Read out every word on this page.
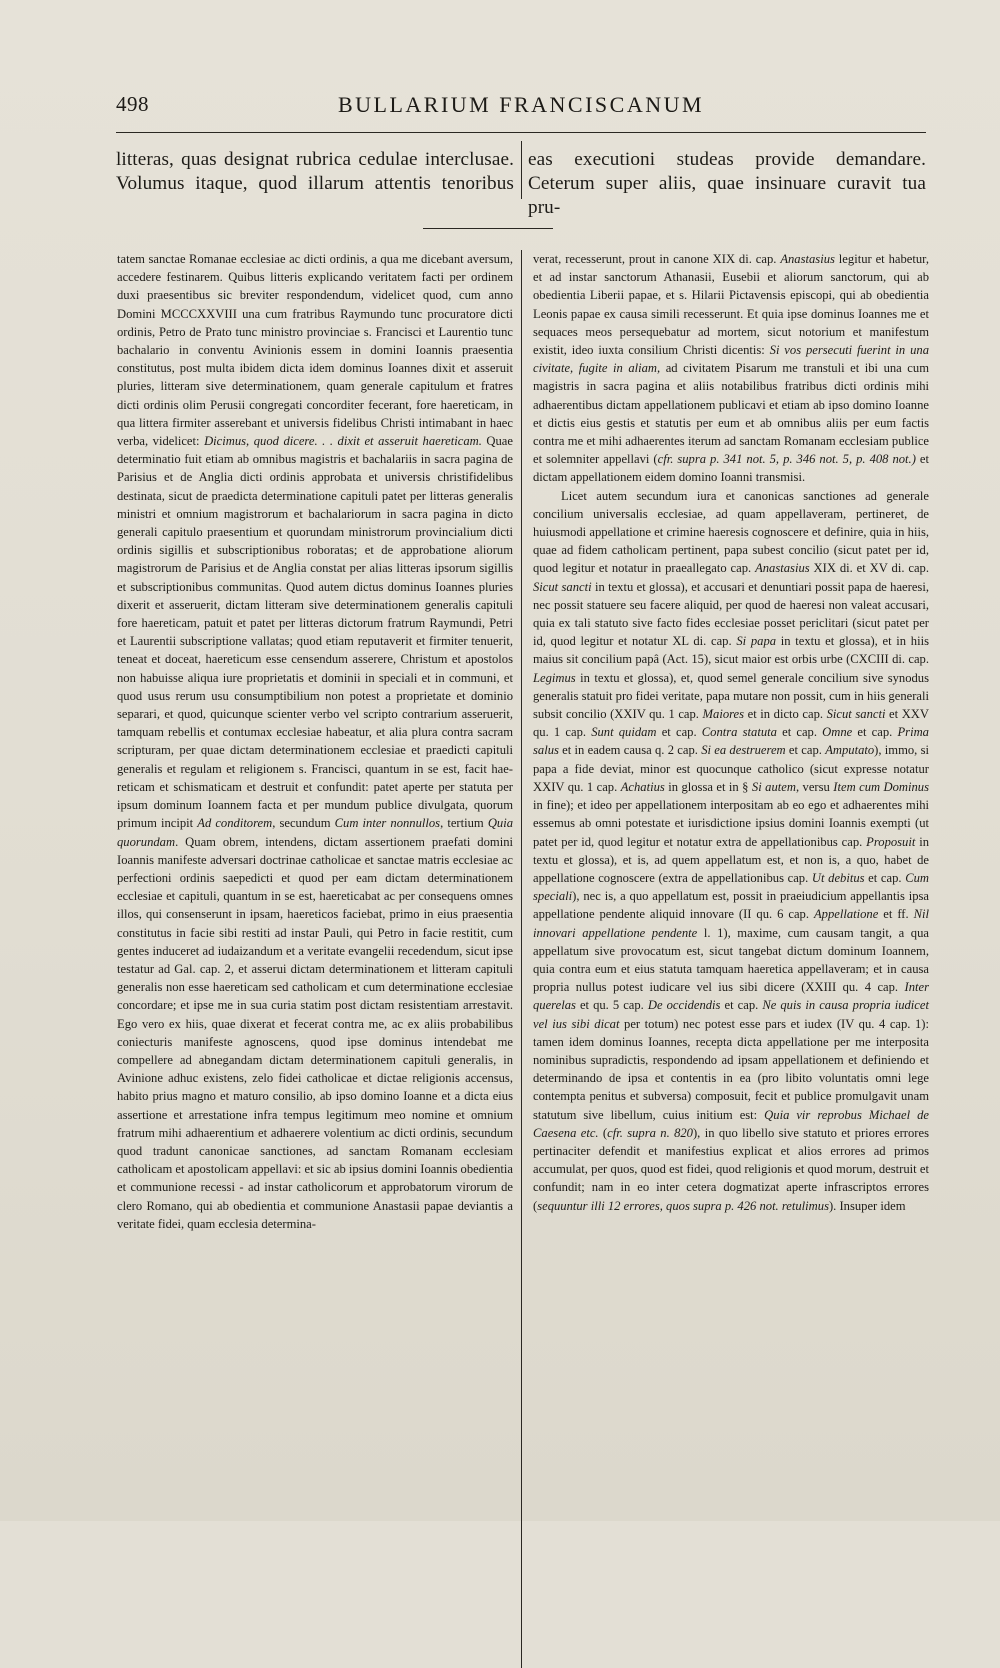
498	BULLARIUM FRANCISCANUM
litteras, quas designat rubrica cedulae interclusae. Volumus itaque, quod illarum attentis tenoribus
eas executioni studeas provide demandare. Ceterum super aliis, quae insinuare curavit tua pru-

tatem sanctae Romanae ecclesiae ac dicti ordinis, a qua me dicebant aversum, accedere festinarem. Quibus litteris explicando veritatem facti per ordinem duxi praesentibus sic breviter respondendum, videlicet quod, cum anno Domini MCCCXXVIII una cum fratribus Raymundo tunc procuratore dicti ordinis, Petro de Prato tunc ministro provinciae s. Francisci et Laurentio tunc bachalario in conventu Avinionis essem in domini Ioannis praesentia constitutus, post multa ibidem dicta idem dominus Ioannes dixit et asseruit pluries, litteram sive determinationem, quam generale capitulum et fratres dicti ordinis olim Perusii congregati concorditer fecerant, fore haereticam, in qua littera firmiter asserebant et universis fidelibus Christi intimabant in haec verba, videlicet: Dicimus, quod dicere. . . dixit et asseruit haereticam. Quae determinatio fuit etiam ab omnibus magistris et bachalariis in sacra pagina de Parisius et de Anglia dicti ordinis approbata et universis christifidelibus destinata, sicut de praedicta determinatione capituli patet per litteras generalis ministri et omnium magistrorum et bachalariorum in sacra pagina in dicto generali capitulo praesentium et quorundam ministrorum provincialium dicti ordinis sigillis et subscriptionibus roboratas; et de approbatione aliorum magistrorum de Parisius et de Anglia constat per alias litteras ipsorum sigillis et subscriptionibus communitas. Quod autem dictus dominus Ioannes pluries dixerit et asseruerit, dictam litteram sive determinationem generalis capituli fore haereticam, patuit et patet per litteras dictorum fratrum Raymundi, Petri et Laurentii subscriptione vallatas; quod etiam reputaverit et firmiter tenuerit, teneat et doceat, haereticum esse censendum asserere, Christum et apostolos non habuisse aliqua iure proprietatis et dominii in speciali et in communi, et quod usus rerum usu consumptibilium non potest a proprietate et dominio separari, et quod, quicunque scienter verbo vel scripto contrarium asseruerit, tamquam rebellis et contumax ecclesiae habeatur, et alia plura contra sacram scripturam, per quae dictam determinationem ecclesiae et praedicti capituli generalis et regulam et religionem s. Francisci, quantum in se est, facit haereticam et schismaticam et destruit et confundit: patet aperte per statuta per ipsum dominum Ioannem facta et per mundum publice divulgata, quorum primum incipit Ad conditorem, secundum Cum inter nonnullos, tertium Quia quorundam. Quam obrem, intendens, dictam assertionem praefati domini Ioannis manifeste adversari doctrinae catholicae et sanctae matris ecclesiae ac perfectioni ordinis saepedicti et quod per eam dictam determinationem ecclesiae et capituli, quantum in se est, haereticabat ac per consequens omnes illos, qui consenserunt in ipsam, haereticos faciebat, primo in eius praesentia constitutus in facie sibi restiti ad instar Pauli, qui Petro in facie restitit, cum gentes induceret ad iudaizandum et a veritate evangelii recedendum, sicut ipse testatur ad Gal. cap. 2, et asserui dictam determinationem et litteram capituli generalis non esse haereticam sed catholicam et cum determinatione ecclesiae concordare; et ipse me in sua curia statim post dictam resistentiam arrestavit. Ego vero ex hiis, quae dixerat et fecerat contra me, ac ex aliis probabilibus coniecturis manifeste agnoscens, quod ipse dominus intendebat me compellere ad abnegandam dictam determinationem capituli generalis, in Avinione adhuc existens, zelo fidei catholicae et dictae religionis accensus, habito prius magno et maturo consilio, ab ipso domino Ioanne et a dicta eius assertione et arrestatione infra tempus legitimum meo nomine et omnium fratrum mihi adhaerentium et adhaerere volentium ac dicti ordinis, secundum quod tradunt canonicae sanctiones, ad sanctam Romanam ecclesiam catholicam et apostolicam appellavi: et sic ab ipsius domini Ioannis obedientia et communione recessi - ad instar catholicorum et approbatorum virorum de clero Romano, qui ab obedientia et communione Anastasii papae deviantis a veritate fidei, quam ecclesia determina-

verat, recesserunt, prout in canone XIX di. cap. Anastasius legitur et habetur, et ad instar sanctorum Athanasii, Eusebii et aliorum sanctorum, qui ab obedientia Liberii papae, et s. Hilarii Pictavensis episcopi, qui ab obedientia Leonis papae ex causa simili recesserunt. Et quia ipse dominus Ioannes me et sequaces meos persequebatur ad mortem, sicut notorium et manifestum existit, ideo iuxta consilium Christi dicentis: Si vos persecuti fuerint in una civitate, fugite in aliam, ad civitatem Pisarum me transtuli et ibi una cum magistris in sacra pagina et aliis notabilibus fratribus dicti ordinis mihi adhaerentibus dictam appellationem publicavi et etiam ab ipso domino Ioanne et dictis eius gestis et statutis per eum et ab omnibus aliis per eum factis contra me et mihi adhaerentes iterum ad sanctam Romanam ecclesiam publice et solemniter appellavi (cfr. supra p. 341 not. 5, p. 346 not. 5, p. 408 not.) et dictam appellationem eidem domino Ioanni transmisi.

Licet autem secundum iura et canonicas sanctiones ad generale concilium universalis ecclesiae, ad quam appellaveram, pertineret, de huiusmodi appellatione et crimine haeresis cognoscere et definire, quia in hiis, quae ad fidem catholicam pertinent, papa subest concilio (sicut patet per id, quod legitur et notatur in praeallegato cap. Anastasius XIX di. et XV di. cap. Sicut sancti in textu et glossa), et accusari et denuntiari possit papa de haeresi, nec possit statuere seu facere aliquid, per quod de haeresi non valeat accusari, quia ex tali statuto sive facto fides ecclesiae posset periclitari (sicut patet per id, quod legitur et notatur XL di. cap. Si papa in textu et glossa), et in hiis maius sit concilium papâ (Act. 15), sicut maior est orbis urbe (CXCIII di. cap. Legimus in textu et glossa), et, quod semel generale concilium sive synodus generalis statuit pro fidei veritate, papa mutare non possit, cum in hiis generali subsit concilio (XXIV qu. 1 cap. Maiores et in dicto cap. Sicut sancti et XXV qu. 1 cap. Sunt quidam et cap. Contra statuta et cap. Omne et cap. Prima salus et in eadem causa q. 2 cap. Si ea destruerem et cap. Amputato), immo, si papa a fide deviat, minor est quocunque catholico (sicut expresse notatur XXIV qu. 1 cap. Achatius in glossa et in § Si autem, versu Item cum Dominus in fine); et ideo per appellationem interpositam ab eo ego et adhaerentes mihi essemus ab omni potestate et iurisdictione ipsius domini Ioannis exempti (ut patet per id, quod legitur et notatur extra de appellationibus cap. Proposuit in textu et glossa), et is, ad quem appellatum est, et non is, a quo, habet de appellatione cognoscere (extra de appellationibus cap. Ut debitus et cap. Cum speciali), nec is, a quo appellatum est, possit in praeiudicium appellantis ipsa appellatione pendente aliquid innovare (II qu. 6 cap. Appellatione et ff. Nil innovari appellatione pendente l. 1), maxime, cum causam tangit, a qua appellatum sive provocatum est, sicut tangebat dictum dominum Ioannem, quia contra eum et eius statuta tamquam haeretica appellaveram; et in causa propria nullus potest iudicare vel ius sibi dicere (XXIII qu. 4 cap. Inter querelas et qu. 5 cap. De occidendis et cap. Ne quis in causa propria iudicet vel ius sibi dicat per totum) nec potest esse pars et iudex (IV qu. 4 cap. 1): tamen idem dominus Ioannes, recepta dicta appellatione per me interposita nominibus supradictis, respondendo ad ipsam appellationem et definiendo et determinando de ipsa et contentis in ea (pro libito voluntatis omni lege contempta penitus et subversa) composuit, fecit et publice promulgavit unam statutum sive libellum, cuius initium est: Quia vir reprobus Michael de Caesena etc. (cfr. supra n. 820), in quo libello sive statuto et priores errores pertinaciter defendit et manifestius explicat et alios errores ad primos accumulat, per quos, quod est fidei, quod religionis et quod morum, destruit et confundit; nam in eo inter cetera dogmatizat aperte infrascriptos errores (sequuntur illi 12 errores, quos supra p. 426 not. retulimus). Insuper idem
